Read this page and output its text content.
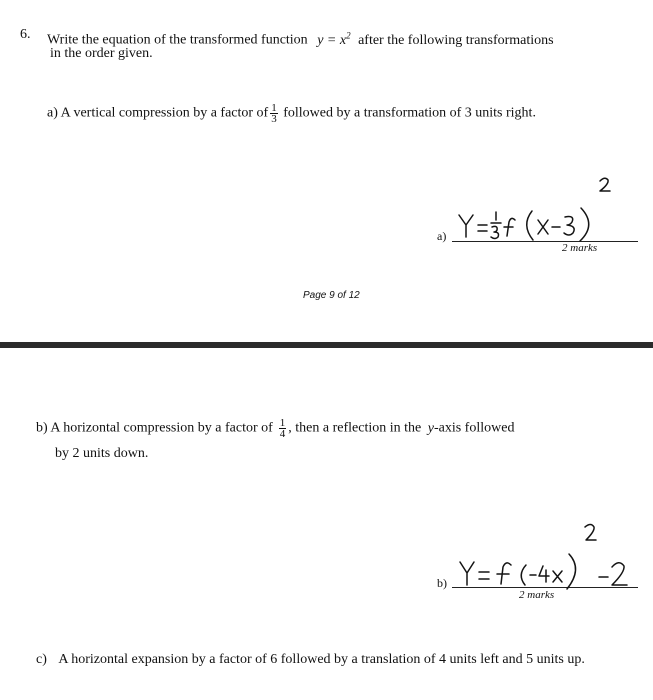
6. Write the equation of the transformed function $y = x^2$ after the following transformations
in the order given.
a) A vertical compression by a factor of $\frac{1}{3}$ followed by a transformation of 3 units right.
a)
2 marks
Page 9 of 12
b) A horizontal compression by a factor of $\frac{1}{4}$ , then a reflection in the y-axis followed
by 2 units down.
b)
2 marks
c) A horizontal expansion by a factor of 6 followed by a translation of 4 units left and 5 units up.
